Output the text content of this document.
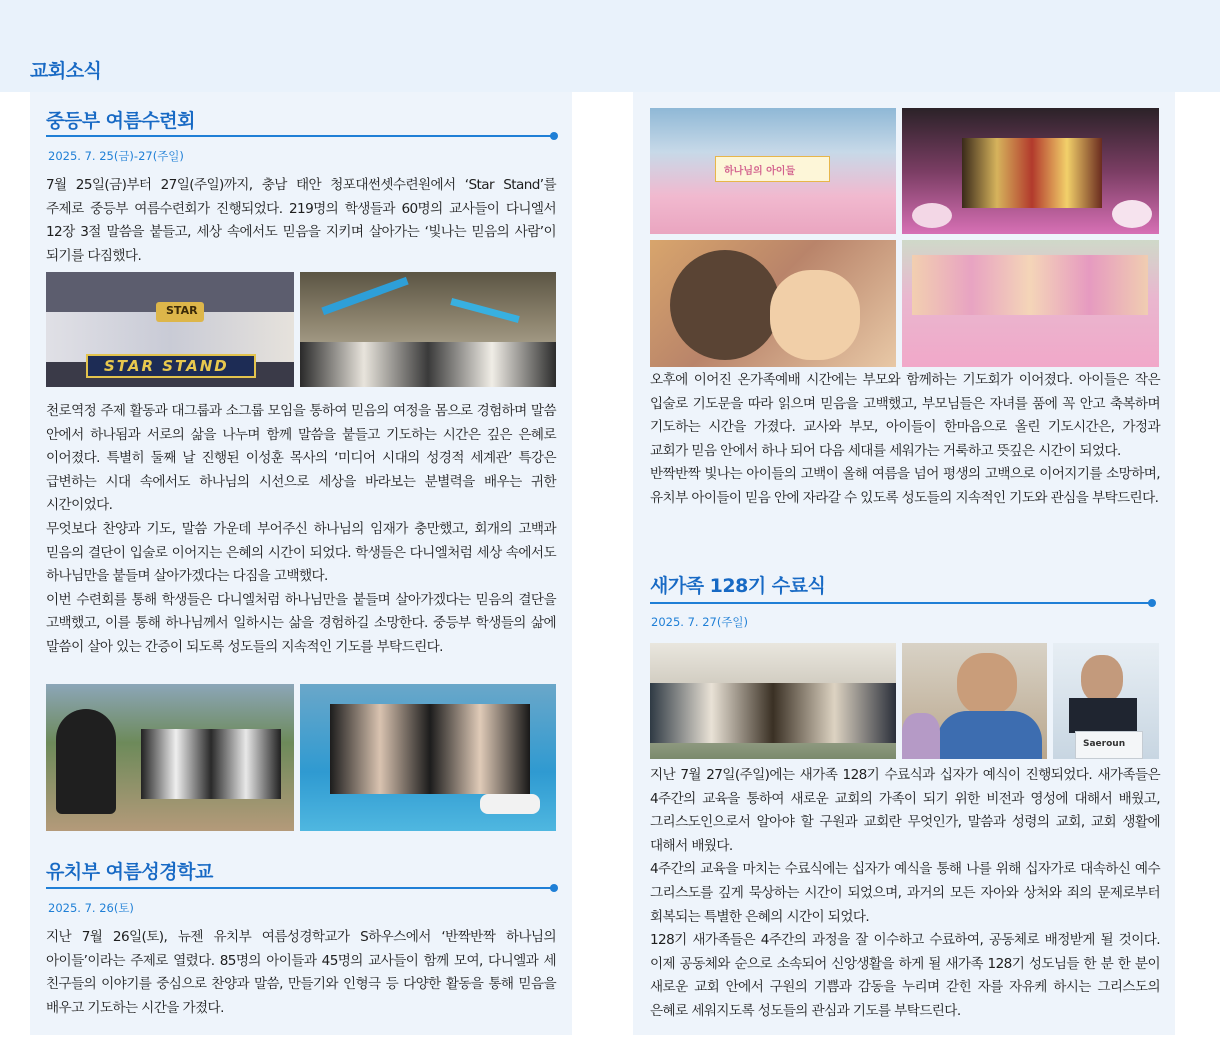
교회소식
중등부 여름수련회
2025. 7. 25(금)-27(주일)

7월 25일(금)부터 27일(주일)까지, 충남 태안 청포대썬셋수련원에서 ‘Star Stand’를 주제로 중등부 여름수련회가 진행되었다. 219명의 학생들과 60명의 교사들이 다니엘서 12장 3절 말씀을 붙들고, 세상 속에서도 믿음을 지키며 살아가는 ‘빛나는 믿음의 사람’이 되기를 다짐했다.

STAR
STAR STAND

천로역정 주제 활동과 대그룹과 소그룹 모임을 통하여 믿음의 여정을 몸으로 경험하며 말씀 안에서 하나됨과 서로의 삶을 나누며 함께 말씀을 붙들고 기도하는 시간은 깊은 은혜로 이어졌다. 특별히 둘째 날 진행된 이성훈 목사의 ‘미디어 시대의 성경적 세계관’ 특강은 급변하는 시대 속에서도 하나님의 시선으로 세상을 바라보는 분별력을 배우는 귀한 시간이었다.

무엇보다 찬양과 기도, 말씀 가운데 부어주신 하나님의 임재가 충만했고, 회개의 고백과 믿음의 결단이 입술로 이어지는 은혜의 시간이 되었다. 학생들은 다니엘처럼 세상 속에서도 하나님만을 붙들며 살아가겠다는 다짐을 고백했다.

이번 수련회를 통해 학생들은 다니엘처럼 하나님만을 붙들며 살아가겠다는 믿음의 결단을 고백했고, 이를 통해 하나님께서 일하시는 삶을 경험하길 소망한다. 중등부 학생들의 삶에 말씀이 살아 있는 간증이 되도록 성도들의 지속적인 기도를 부탁드린다.

유치부 여름성경학교
2025. 7. 26(토)

지난 7월 26일(토), 뉴젠 유치부 여름성경학교가 S하우스에서 ‘반짝반짝 하나님의 아이들’이라는 주제로 열렸다. 85명의 아이들과 45명의 교사들이 함께 모여, 다니엘과 세 친구들의 이야기를 중심으로 찬양과 말씀, 만들기와 인형극 등 다양한 활동을 통해 믿음을 배우고 기도하는 시간을 가졌다.

하나님의 아이들

오후에 이어진 온가족예배 시간에는 부모와 함께하는 기도회가 이어졌다. 아이들은 작은 입술로 기도문을 따라 읽으며 믿음을 고백했고, 부모님들은 자녀를 품에 꼭 안고 축복하며 기도하는 시간을 가졌다. 교사와 부모, 아이들이 한마음으로 올린 기도시간은, 가정과 교회가 믿음 안에서 하나 되어 다음 세대를 세워가는 거룩하고 뜻깊은 시간이 되었다.

반짝반짝 빛나는 아이들의 고백이 올해 여름을 넘어 평생의 고백으로 이어지기를 소망하며, 유치부 아이들이 믿음 안에 자라갈 수 있도록 성도들의 지속적인 기도와 관심을 부탁드린다.

새가족 128기 수료식
2025. 7. 27(주일)
Saeroun

지난 7월 27일(주일)에는 새가족 128기 수료식과 십자가 예식이 진행되었다. 새가족들은 4주간의 교육을 통하여 새로운 교회의 가족이 되기 위한 비전과 영성에 대해서 배웠고, 그리스도인으로서 알아야 할 구원과 교회란 무엇인가, 말씀과 성령의 교회, 교회 생활에 대해서 배웠다.

4주간의 교육을 마치는 수료식에는 십자가 예식을 통해 나를 위해 십자가로 대속하신 예수 그리스도를 깊게 묵상하는 시간이 되었으며, 과거의 모든 자아와 상처와 죄의 문제로부터 회복되는 특별한 은혜의 시간이 되었다.

128기 새가족들은 4주간의 과정을 잘 이수하고 수료하여, 공동체로 배정받게 될 것이다. 이제 공동체와 순으로 소속되어 신앙생활을 하게 될 새가족 128기 성도님들 한 분 한 분이 새로운 교회 안에서 구원의 기쁨과 감동을 누리며 갇힌 자를 자유케 하시는 그리스도의 은혜로 세워지도록 성도들의 관심과 기도를 부탁드린다.
